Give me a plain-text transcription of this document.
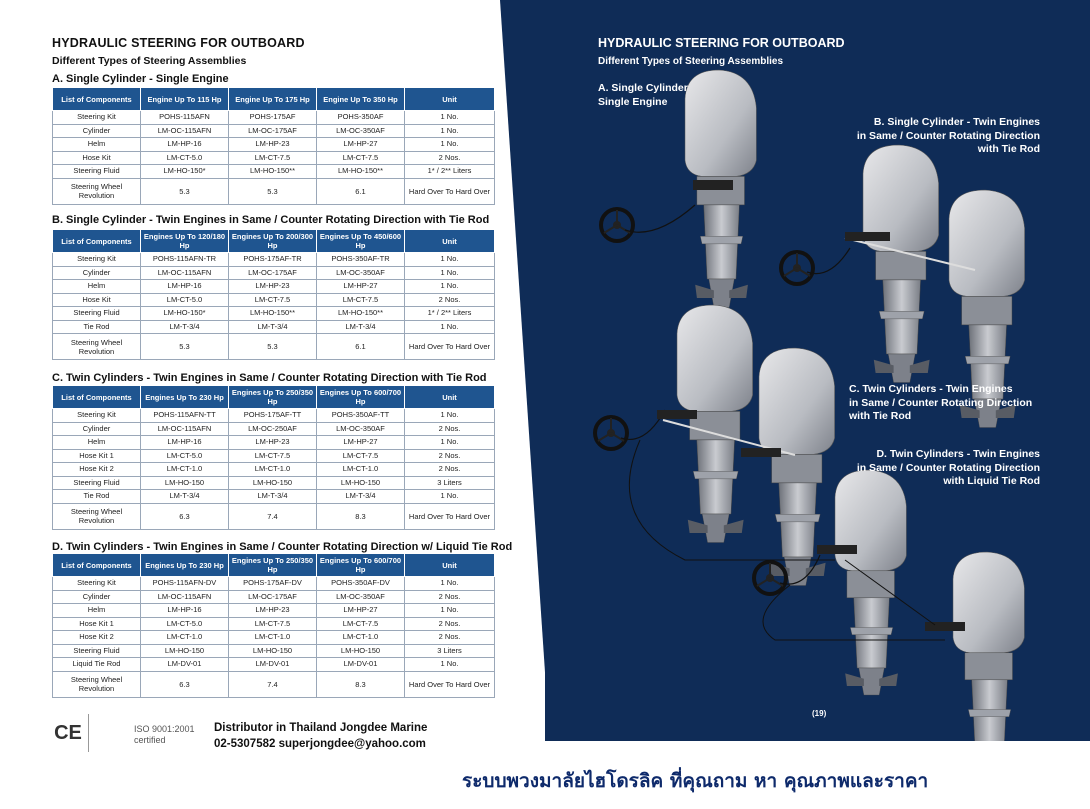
HYDRAULIC STEERING FOR OUTBOARD
Different Types of Steering Assemblies
A. Single Cylinder - Single Engine
List of Components	Engine Up To 115 Hp	Engine Up To 175 Hp	Engine Up To 350 Hp	Unit
Steering Kit	POHS-115AFN	POHS-175AF	POHS-350AF	1 No.
Cylinder	LM-OC-115AFN	LM-OC-175AF	LM-OC-350AF	1 No.
Helm	LM-HP-16	LM-HP-23	LM-HP-27	1 No.
Hose Kit	LM-CT-5.0	LM-CT-7.5	LM-CT-7.5	2 Nos.
Steering Fluid	LM-HO-150*	LM-HO-150**	LM-HO-150**	1* / 2** Liters
Steering Wheel Revolution	5.3	5.3	6.1	Hard Over To Hard Over
B. Single Cylinder - Twin Engines in Same / Counter Rotating Direction with Tie Rod
List of Components	Engines Up To 120/180 Hp	Engines Up To 200/300 Hp	Engines Up To 450/600 Hp	Unit
Steering Kit	POHS-115AFN-TR	POHS-175AF-TR	POHS-350AF-TR	1 No.
Cylinder	LM-OC-115AFN	LM-OC-175AF	LM-OC-350AF	1 No.
Helm	LM-HP-16	LM-HP-23	LM-HP-27	1 No.
Hose Kit	LM-CT-5.0	LM-CT-7.5	LM-CT-7.5	2 Nos.
Steering Fluid	LM-HO-150*	LM-HO-150**	LM-HO-150**	1* / 2** Liters
Tie Rod	LM-T-3/4	LM-T-3/4	LM-T-3/4	1 No.
Steering Wheel Revolution	5.3	5.3	6.1	Hard Over To Hard Over
C. Twin Cylinders - Twin Engines in Same / Counter Rotating Direction with Tie Rod
List of Components	Engines Up To 230 Hp	Engines Up To 250/350 Hp	Engines Up To 600/700 Hp	Unit
Steering Kit	POHS-115AFN-TT	POHS-175AF-TT	POHS-350AF-TT	1 No.
Cylinder	LM-OC-115AFN	LM-OC-250AF	LM-OC-350AF	2 Nos.
Helm	LM-HP-16	LM-HP-23	LM-HP-27	1 No.
Hose Kit 1	LM-CT-5.0	LM-CT-7.5	LM-CT-7.5	2 Nos.
Hose Kit 2	LM-CT-1.0	LM-CT-1.0	LM-CT-1.0	2 Nos.
Steering Fluid	LM-HO-150	LM-HO-150	LM-HO-150	3 Liters
Tie Rod	LM-T-3/4	LM-T-3/4	LM-T-3/4	1 No.
Steering Wheel Revolution	6.3	7.4	8.3	Hard Over To Hard Over
D. Twin Cylinders - Twin Engines in Same / Counter Rotating Direction w/ Liquid Tie Rod
List of Components	Engines Up To 230 Hp	Engines Up To 250/350 Hp	Engines Up To 600/700 Hp	Unit
Steering Kit	POHS-115AFN-DV	POHS-175AF-DV	POHS-350AF-DV	1 No.
Cylinder	LM-OC-115AFN	LM-OC-175AF	LM-OC-350AF	2 Nos.
Helm	LM-HP-16	LM-HP-23	LM-HP-27	1 No.
Hose Kit 1	LM-CT-5.0	LM-CT-7.5	LM-CT-7.5	2 Nos.
Hose Kit 2	LM-CT-1.0	LM-CT-1.0	LM-CT-1.0	2 Nos.
Steering Fluid	LM-HO-150	LM-HO-150	LM-HO-150	3 Liters
Liquid Tie Rod	LM-DV-01	LM-DV-01	LM-DV-01	1 No.
Steering Wheel Revolution	6.3	7.4	8.3	Hard Over To Hard Over
CE	ISO 9001:2001
certified
Distributor in Thailand Jongdee Marine
02-5307582 superjongdee@yahoo.com
HYDRAULIC STEERING FOR OUTBOARD
Different Types of Steering Assemblies
A. Single Cylinder
Single Engine
B. Single Cylinder - Twin Engines
in Same / Counter Rotating Direction
with Tie Rod
C. Twin Cylinders - Twin Engines
in Same / Counter Rotating Direction
with Tie Rod
D. Twin Cylinders - Twin Engines
in Same / Counter Rotating Direction
with Liquid Tie Rod
(19)
ระบบพวงมาลัยไฮโดรลิค ที่คุณถาม หา คุณภาพและราคา
